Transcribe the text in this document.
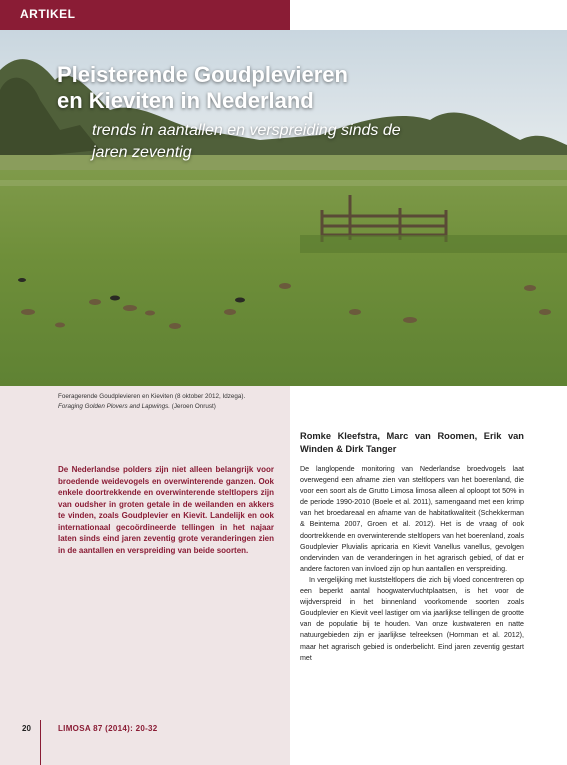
ARTIKEL
Pleisterende Goudplevieren
en Kieviten in Nederland
trends in aantallen en verspreiding sinds de
jaren zeventig
Foeragerende Goudplevieren en Kieviten (8 oktober 2012, Idzega). Foraging Golden Plovers and Lapwings. (Jeroen Onrust)
Romke Kleefstra, Marc van Roomen, Erik van Winden & Dirk Tanger
De Nederlandse polders zijn niet alleen belangrijk voor broedende weidevogels en overwinterende ganzen. Ook enkele doortrekkende en overwinterende steltlopers zijn van oudsher in groten getale in de weilanden en akkers te vinden, zoals Goudplevier en Kievit. Landelijk en ook internationaal gecoördineerde tellingen in het najaar laten sinds eind jaren zeventig grote veranderingen zien in de aantallen en verspreiding van beide soorten.

De langlopende monitoring van Nederlandse broedvogels laat overwegend een afname zien van steltlopers van het boerenland, die voor een soort als de Grutto Limosa limosa alleen al oploopt tot 50% in de periode 1990-2010 (Boele et al. 2011), samengaand met een krimp van het broedareaal en afname van de habitatkwaliteit (Schekkerman & Beintema 2007, Groen et al. 2012). Het is de vraag of ook doortrekkende en overwinterende steltlopers van het boerenland, zoals Goudplevier Pluvialis apricaria en Kievit Vanellus vanellus, gevolgen ondervinden van de veranderingen in het agrarisch gebied, of dat er andere factoren van invloed zijn op hun aantallen en verspreiding.

In vergelijking met kuststeltlopers die zich bij vloed concentreren op een beperkt aantal hoogwatervluchtplaatsen, is het voor de wijdverspreid in het binnenland voorkomende soorten zoals Goudplevier en Kievit veel lastiger om via jaarlijkse tellingen de grootte van de populatie bij te houden. Van onze kustwateren en natte natuurgebieden zijn er jaarlijkse telreeksen (Hornman et al. 2012), maar het agrarisch gebied is onderbelicht. Eind jaren zeventig gestart met

20	LIMOSA 87 (2014): 20-32
